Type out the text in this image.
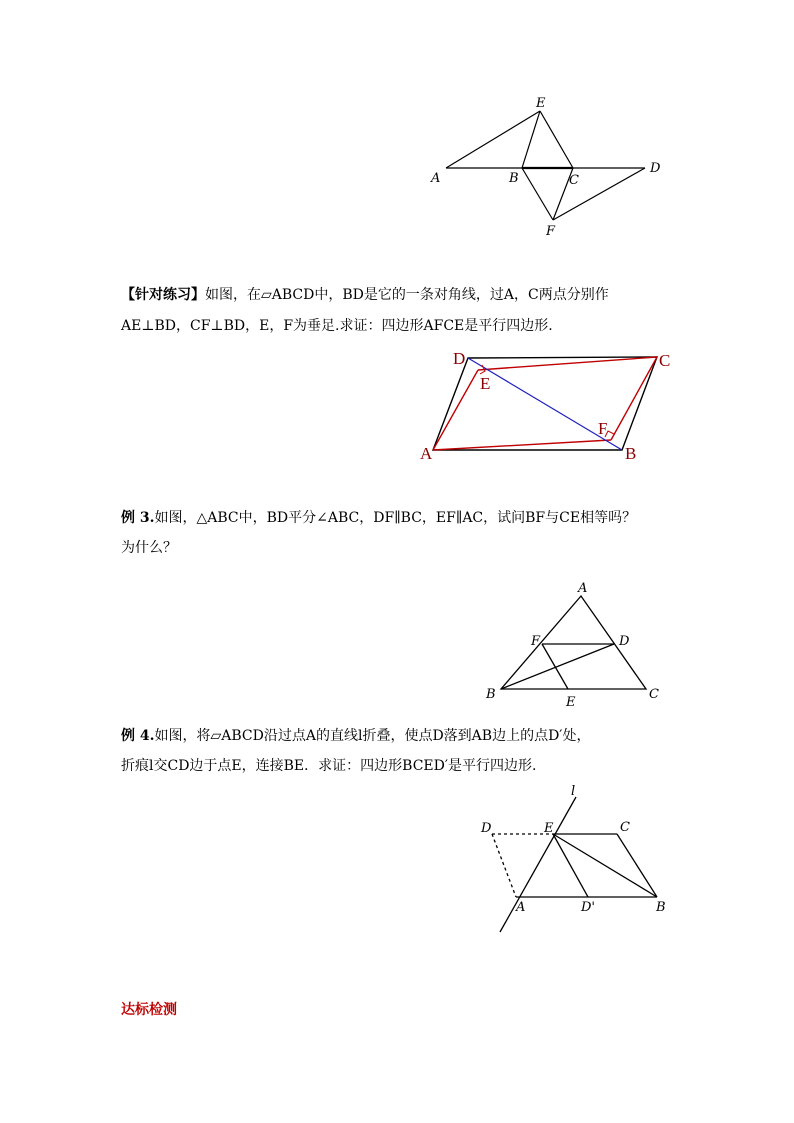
E
A	B	C
D
F
【针对练习】如图，在▱ABCD中，BD是它的一条对角线，过A，C两点分别作
AE⊥BD，CF⊥BD，E，F为垂足.求证：四边形AFCE是平行四边形.
D
E
C
F
A	B
例 3.如图，△ABC中，BD平分∠ABC，DF∥BC，EF∥AC，试问BF与CE相等吗？
为什么？
A
F	D
B
E
C
例 4.如图，将▱ABCD沿过点A的直线l折叠，使点D落到AB边上的点D′处，
折痕l交CD边于点E，连接BE．求证：四边形BCED′是平行四边形.
l
D	E	C
A	D'	B
达标检测
